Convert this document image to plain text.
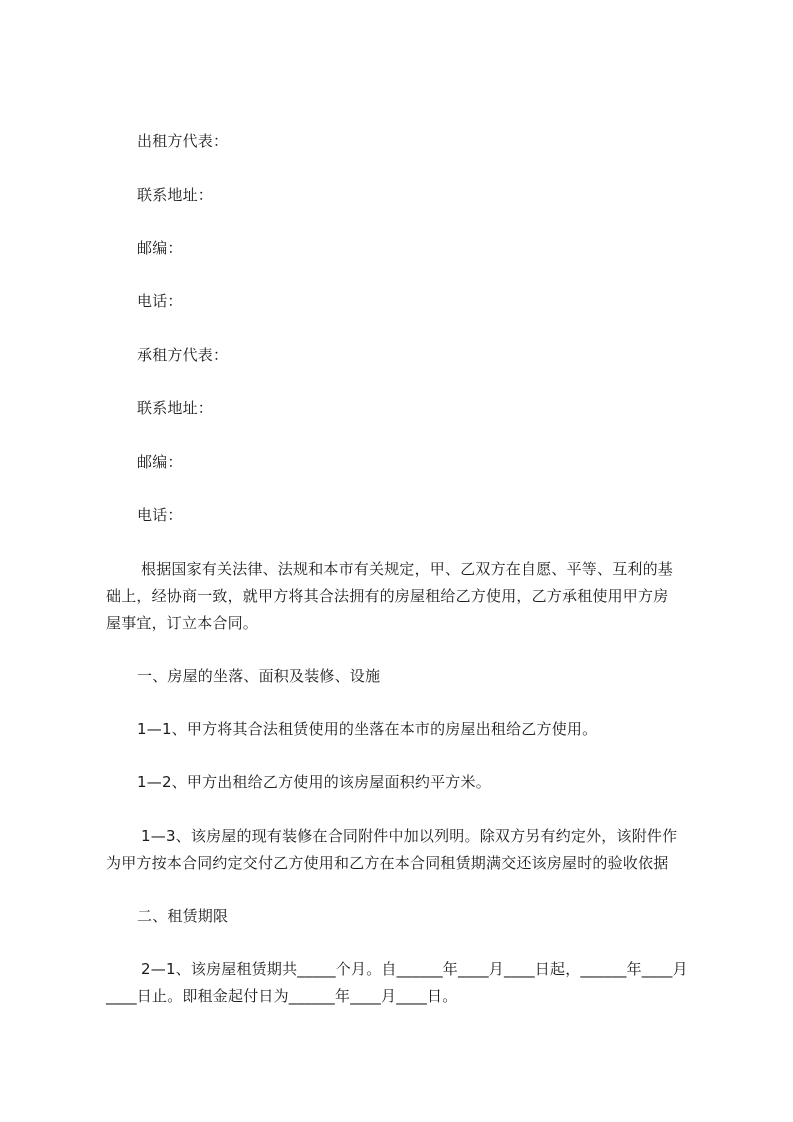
出租方代表：
联系地址：
邮编：
电话：
承租方代表：
联系地址：
邮编：
电话：
根据国家有关法律、法规和本市有关规定，甲、乙双方在自愿、平等、互利的基
础上，经协商一致，就甲方将其合法拥有的房屋租给乙方使用，乙方承租使用甲方房
屋事宜，订立本合同。
一、房屋的坐落、面积及装修、设施
1—1、甲方将其合法租赁使用的坐落在本市的房屋出租给乙方使用。
1—2、甲方出租给乙方使用的该房屋面积约平方米。
1—3、该房屋的现有装修在合同附件中加以列明。除双方另有约定外，该附件作
为甲方按本合同约定交付乙方使用和乙方在本合同租赁期满交还该房屋时的验收依据
二、租赁期限
2—1、该房屋租赁期共_____个月。自______年____月____日起，______年____月
____日止。即租金起付日为______年____月____日。
